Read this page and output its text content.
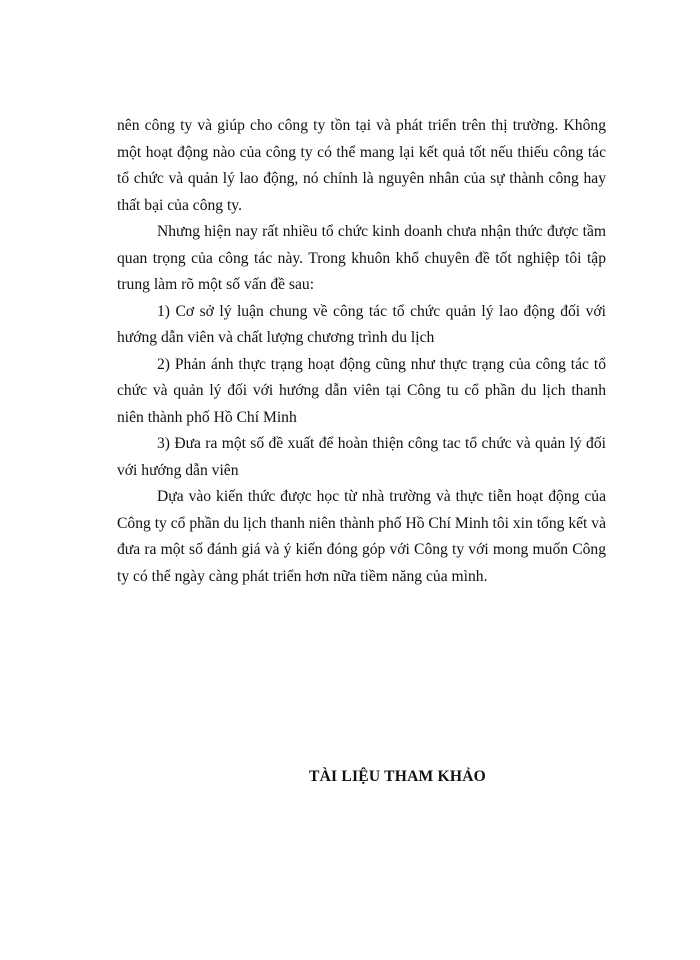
nên công ty và giúp cho công ty tồn tại và phát triển trên thị trường. Không một hoạt động nào của công ty có thể mang lại kết quả tốt nếu thiếu công tác tổ chức và quản lý lao động, nó chính là nguyên nhân của sự thành công hay thất bại của công ty.

Nhưng hiện nay rất nhiều tổ chức kinh doanh chưa nhận thức được tầm quan trọng của công tác này. Trong khuôn khổ chuyên đề tốt nghiệp tôi tập trung làm rõ một số vấn đề sau:

1) Cơ sở lý luận chung về công tác tổ chức quản lý lao động đối với hướng dẫn viên và chất lượng chương trình du lịch

2) Phản ánh thực trạng hoạt động cũng như thực trạng của công tác tổ chức và quản lý đối với hướng dẫn viên tại Công tu cổ phần du lịch thanh niên thành phố Hồ Chí Minh

3) Đưa ra một số đề xuất để hoàn thiện công tac tổ chức và quản lý đối với hướng dẫn viên

Dựa vào kiến thức được học từ nhà trường và thực tiễn hoạt động của Công ty cổ phần du lịch thanh niên thành phố Hồ Chí Minh tôi xin tổng kết và đưa ra một số đánh giá và ý kiến đóng góp với Công ty với mong muốn Công ty có thể ngày càng phát triển hơn nữa tiềm năng của mình.

TÀI LIỆU THAM KHẢO
